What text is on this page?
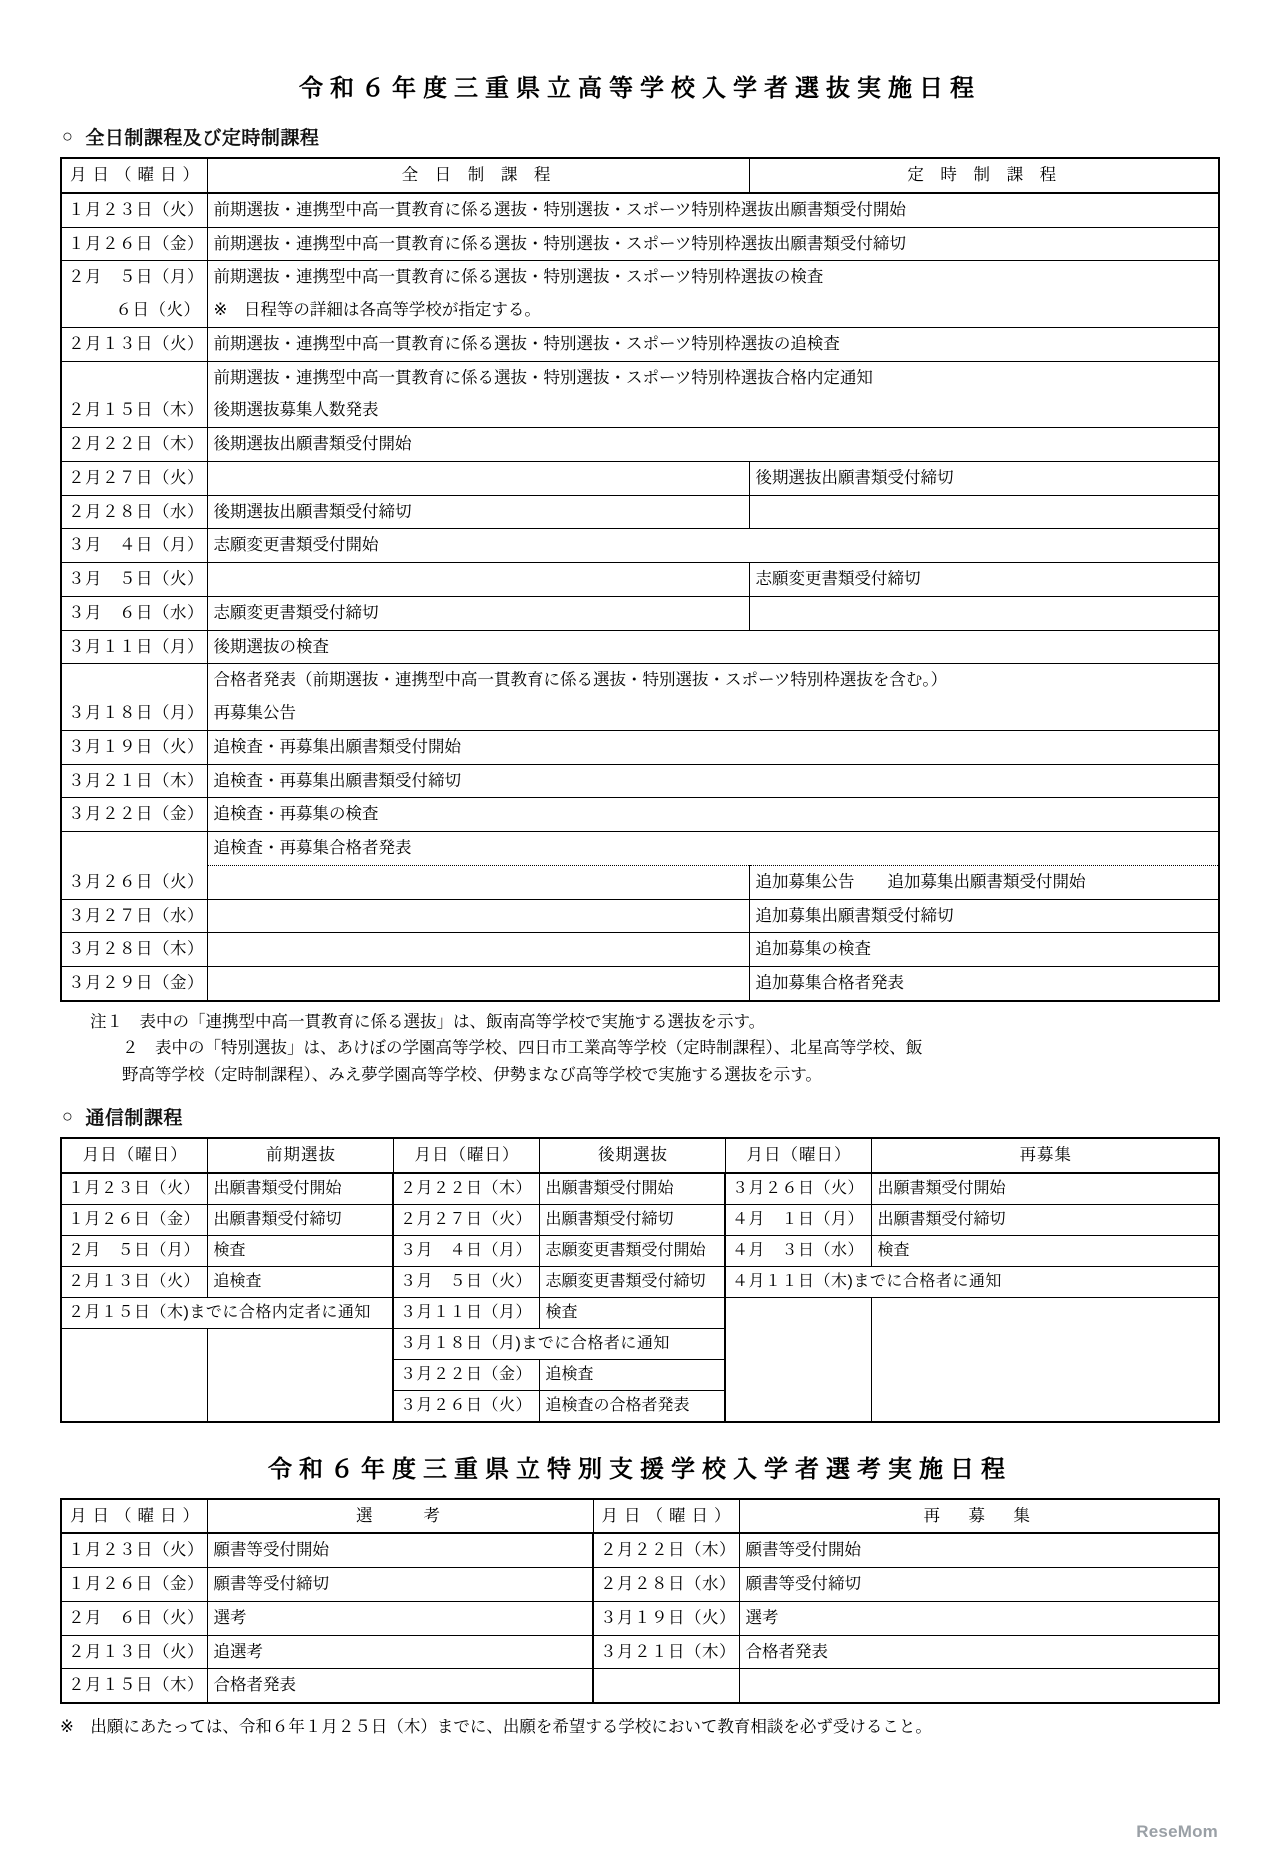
令和６年度三重県立高等学校入学者選抜実施日程
○ 全日制課程及び定時制課程
月日（曜日）	全 日 制 課 程	定 時 制 課 程
１月２３日（火）	前期選抜・連携型中高一貫教育に係る選抜・特別選抜・スポーツ特別枠選抜出願書類受付開始	
１月２６日（金）	前期選抜・連携型中高一貫教育に係る選抜・特別選抜・スポーツ特別枠選抜出願書類受付締切	
２月　５日（月）	前期選抜・連携型中高一貫教育に係る選抜・特別選抜・スポーツ特別枠選抜の検査	
６日（火）	※　日程等の詳細は各高等学校が指定する。	
２月１３日（火）	前期選抜・連携型中高一貫教育に係る選抜・特別選抜・スポーツ特別枠選抜の追検査	
	前期選抜・連携型中高一貫教育に係る選抜・特別選抜・スポーツ特別枠選抜合格内定通知	
２月１５日（木）	後期選抜募集人数発表	
２月２２日（木）	後期選抜出願書類受付開始	
２月２７日（火）		後期選抜出願書類受付締切
２月２８日（水）	後期選抜出願書類受付締切	
３月　４日（月）	志願変更書類受付開始	
３月　５日（火）		志願変更書類受付締切
３月　６日（水）	志願変更書類受付締切	
３月１１日（月）	後期選抜の検査	
	合格者発表（前期選抜・連携型中高一貫教育に係る選抜・特別選抜・スポーツ特別枠選抜を含む。）	
３月１８日（月）	再募集公告	
３月１９日（火）	追検査・再募集出願書類受付開始	
３月２１日（木）	追検査・再募集出願書類受付締切	
３月２２日（金）	追検査・再募集の検査	
	追検査・再募集合格者発表	
３月２６日（火）		追加募集公告　　追加募集出願書類受付開始
３月２７日（水）		追加募集出願書類受付締切
３月２８日（木）		追加募集の検査
３月２９日（金）		追加募集合格者発表
注１　表中の「連携型中高一貫教育に係る選抜」は、飯南高等学校で実施する選抜を示す。
２　表中の「特別選抜」は、あけぼの学園高等学校、四日市工業高等学校（定時制課程）、北星高等学校、飯
野高等学校（定時制課程）、みえ夢学園高等学校、伊勢まなび高等学校で実施する選抜を示す。
○ 通信制課程
月日（曜日）	前期選抜	月日（曜日）	後期選抜	月日（曜日）	再募集
１月２３日（火）	出願書類受付開始	２月２２日（木）	出願書類受付開始	３月２６日（火）	出願書類受付開始
１月２６日（金）	出願書類受付締切	２月２７日（火）	出願書類受付締切	４月　１日（月）	出願書類受付締切
２月　５日（月）	検査	３月　４日（月）	志願変更書類受付開始	４月　３日（水）	検査
２月１３日（火）	追検査	３月　５日（火）	志願変更書類受付締切	４月１１日（木)までに合格者に通知	
２月１５日（木)までに合格内定者に通知		３月１１日（月）	検査		
		３月１８日（月)までに合格者に通知			
		３月２２日（金）	追検査		
		３月２６日（火）	追検査の合格者発表		
令和６年度三重県立特別支援学校入学者選考実施日程
月日（曜日）	選　　考	月日（曜日）	再　募　集
１月２３日（火）	願書等受付開始	２月２２日（木）	願書等受付開始
１月２６日（金）	願書等受付締切	２月２８日（水）	願書等受付締切
２月　６日（火）	選考	３月１９日（火）	選考
２月１３日（火）	追選考	３月２１日（木）	合格者発表
２月１５日（木）	合格者発表		
※　出願にあたっては、令和６年１月２５日（木）までに、出願を希望する学校において教育相談を必ず受けること。
ReseMom
